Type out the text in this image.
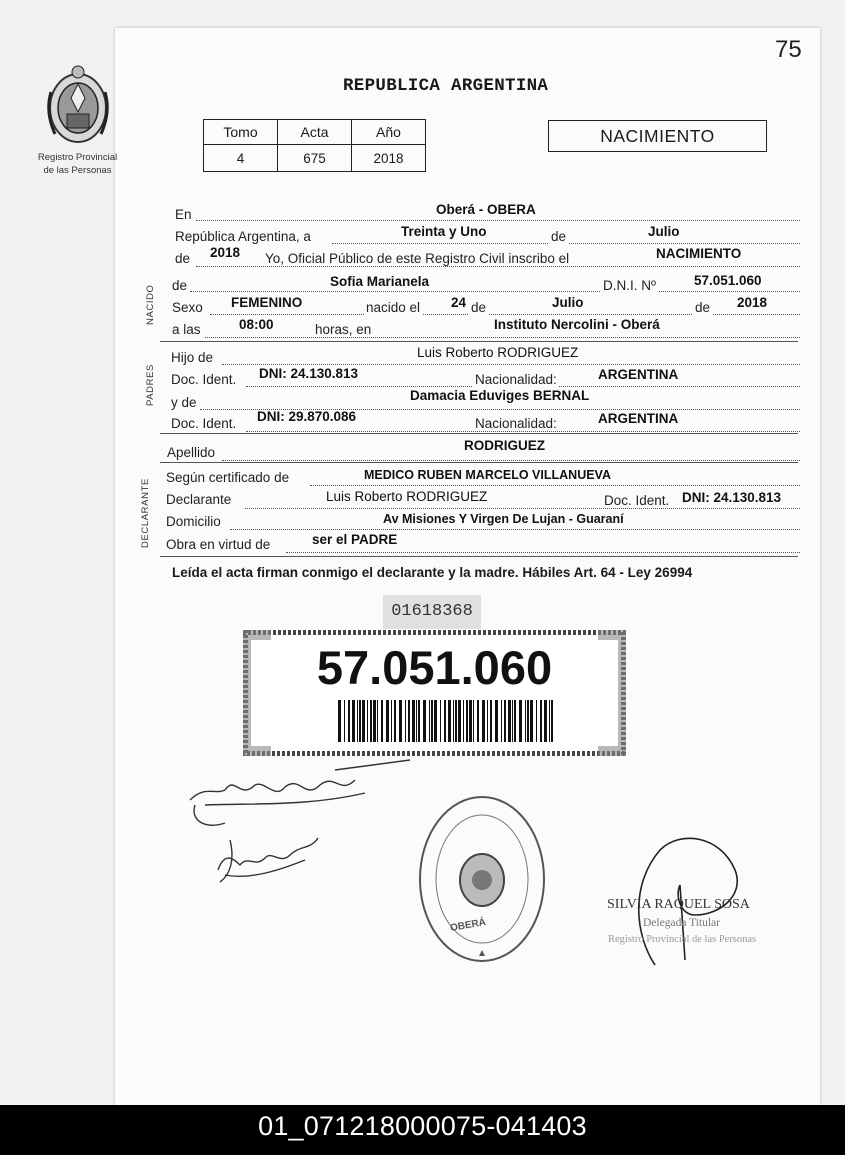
75
Registro Provincial
de las Personas
REPUBLICA ARGENTINA
Tomo	Acta	Año
4	675	2018
NACIMIENTO
En	Oberá - OBERA
República Argentina, a	Treinta y Uno	de	Julio
de 2018 Yo, Oficial Público de este Registro Civil inscribo el	NACIMIENTO
NACIDO de	Sofia Marianela	D.N.I. Nº	57.051.060
Sexo FEMENINO	nacido el 24 de	Julio	de 2018
a las	08:00	horas, en	Instituto Nercolini - Oberá
PADRES
Hijo de	Luis Roberto RODRIGUEZ
Doc. Ident. DNI: 24.130.813	Nacionalidad:	ARGENTINA
y de	Damacia Eduviges BERNAL
Doc. Ident. DNI: 29.870.086	Nacionalidad:	ARGENTINA
Apellido	RODRIGUEZ
DECLARANTE
Según certificado de	MEDICO RUBEN MARCELO VILLANUEVA
Declarante	Luis Roberto RODRIGUEZ	Doc. Ident. DNI: 24.130.813
Domicilio	Av Misiones Y Virgen De Lujan - Guaraní
Obra en virtud de	ser el PADRE
Leída el acta firman conmigo el declarante y la madre. Hábiles Art. 64 - Ley 26994
01618368
57.051.060
OBERÁ
SILVIA RAQUEL SOSA
Delegada Titular
Registro Provincial de las Personas
01_071218000075-041403
